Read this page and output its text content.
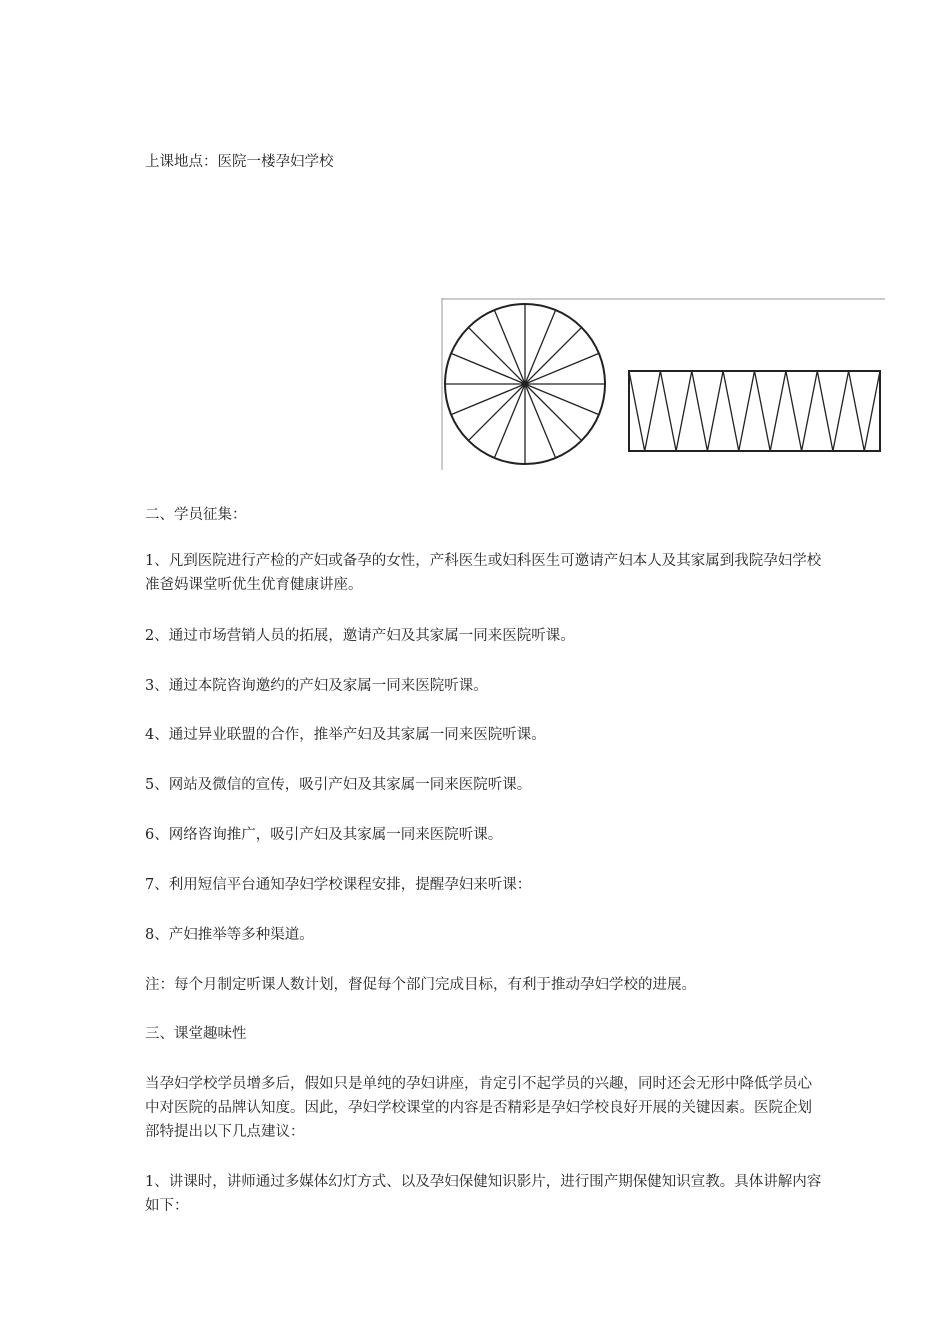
上课地点：医院一楼孕妇学校
二、学员征集：
1、凡到医院进行产检的产妇或备孕的女性，产科医生或妇科医生可邀请产妇本人及其家属到我院孕妇学校准爸妈课堂听优生优育健康讲座。
2、通过市场营销人员的拓展，邀请产妇及其家属一同来医院听课。
3、通过本院咨询邀约的产妇及家属一同来医院听课。
4、通过异业联盟的合作，推举产妇及其家属一同来医院听课。
5、网站及微信的宣传，吸引产妇及其家属一同来医院听课。
6、网络咨询推广，吸引产妇及其家属一同来医院听课。
7、利用短信平台通知孕妇学校课程安排，提醒孕妇来听课：
8、产妇推举等多种渠道。
注：每个月制定听课人数计划，督促每个部门完成目标，有利于推动孕妇学校的进展。
三、课堂趣味性
当孕妇学校学员增多后，假如只是单纯的孕妇讲座，肯定引不起学员的兴趣，同时还会无形中降低学员心中对医院的品牌认知度。因此，孕妇学校课堂的内容是否精彩是孕妇学校良好开展的关键因素。医院企划部特提出以下几点建议：
1、讲课时，讲师通过多媒体幻灯方式、以及孕妇保健知识影片，进行围产期保健知识宣教。具体讲解内容如下：
